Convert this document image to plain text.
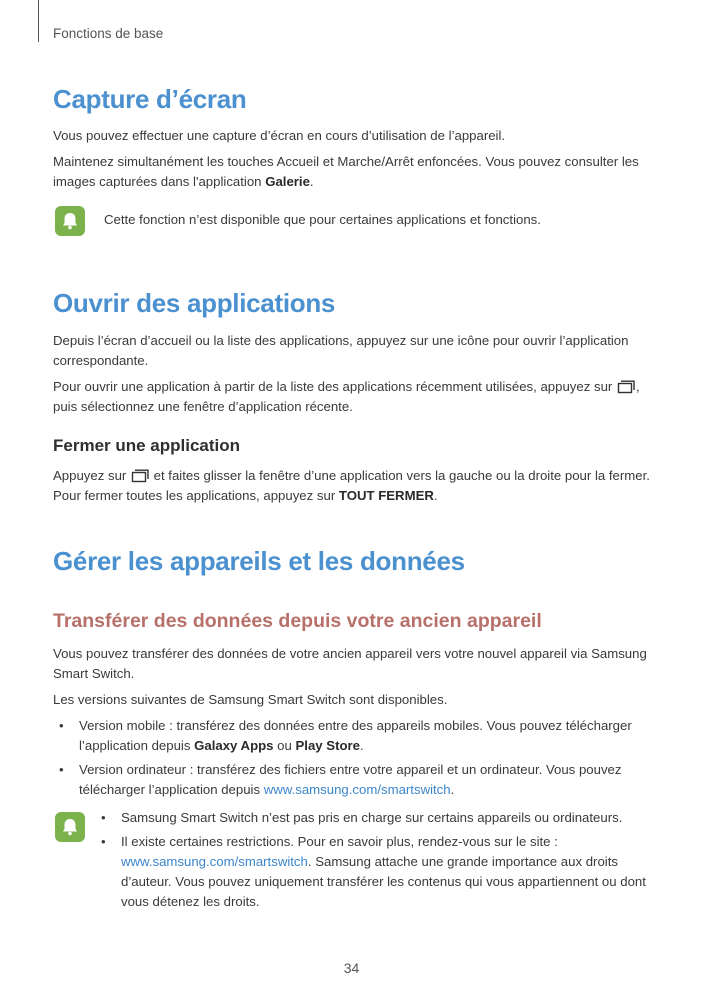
Fonctions de base
Capture d’écran

Vous pouvez effectuer une capture d’écran en cours d’utilisation de l’appareil.

Maintenez simultanément les touches Accueil et Marche/Arrêt enfoncées. Vous pouvez consulter les images capturées dans l'application Galerie.

Cette fonction n’est disponible que pour certaines applications et fonctions.

Ouvrir des applications

Depuis l’écran d’accueil ou la liste des applications, appuyez sur une icône pour ouvrir l’application correspondante.

Pour ouvrir une application à partir de la liste des applications récemment utilisées, appuyez sur , puis sélectionnez une fenêtre d’application récente.

Fermer une application

Appuyez sur  et faites glisser la fenêtre d’une application vers la gauche ou la droite pour la fermer. Pour fermer toutes les applications, appuyez sur TOUT FERMER.

Gérer les appareils et les données
Transférer des données depuis votre ancien appareil

Vous pouvez transférer des données de votre ancien appareil vers votre nouvel appareil via Samsung Smart Switch.

Les versions suivantes de Samsung Smart Switch sont disponibles.

• Version mobile : transférez des données entre des appareils mobiles. Vous pouvez télécharger l’application depuis Galaxy Apps ou Play Store.
• Version ordinateur : transférez des fichiers entre votre appareil et un ordinateur. Vous pouvez télécharger l’application depuis www.samsung.com/smartswitch.
• Samsung Smart Switch n’est pas pris en charge sur certains appareils ou ordinateurs.
• Il existe certaines restrictions. Pour en savoir plus, rendez-vous sur le site : www.samsung.com/smartswitch. Samsung attache une grande importance aux droits d’auteur. Vous pouvez uniquement transférer les contenus qui vous appartiennent ou dont vous détenez les droits.
34
